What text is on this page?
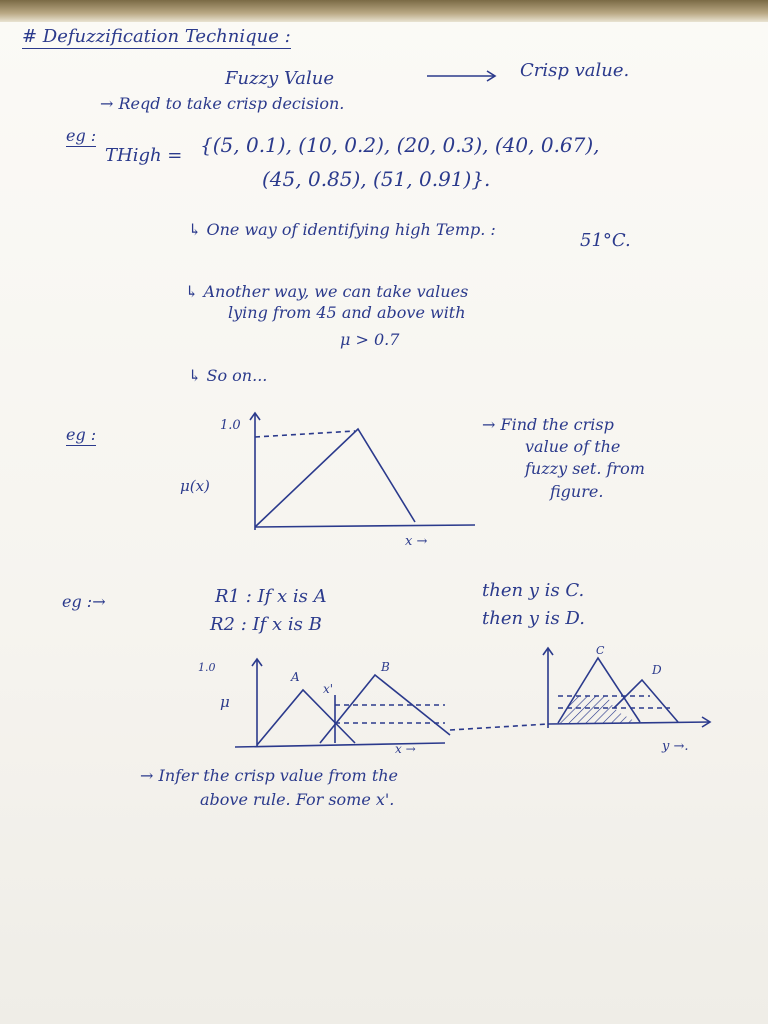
# Defuzzification Technique :
Fuzzy Value	Crisp value.
→ Reqd to take crisp decision.
eg :
THigh = {(5, 0.1), (10, 0.2), (20, 0.3), (40, 0.67),
(45, 0.85), (51, 0.91)}.
↳ One way of identifying high Temp. :
51°C.
↳ Another way, we can take values
lying from 45 and above with
μ > 0.7
↳ So on...
eg :	1.0
μ(x)
x →
→ Find the crisp
value of the
fuzzy set. from
figure.
eg :→	R1 : If x is A	then y is C.
R2 : If x is B	then y is D.
1.0
μ
A
B
x'
x →
C
D
y →.
→ Infer the crisp value from the
above rule. For some x'.
